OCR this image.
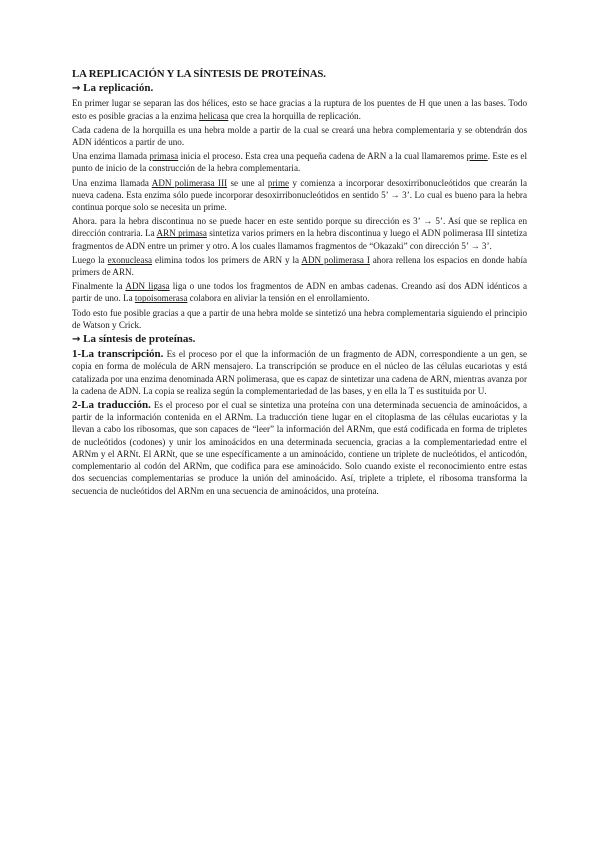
LA REPLICACIÓN Y LA SÍNTESIS DE PROTEÍNAS.
→ La replicación.

En primer lugar se separan las dos hélices, esto se hace gracias a la ruptura de los puentes de H que unen a las bases. Todo esto es posible gracias a la enzima helicasa que crea la horquilla de replicación.

Cada cadena de la horquilla es una hebra molde a partir de la cual se creará una hebra complementaria y se obtendrán dos ADN idénticos a partir de uno.

Una enzima llamada primasa inicia el proceso. Esta crea una pequeña cadena de ARN a la cual llamaremos prime. Este es el punto de inicio de la construcción de la hebra complementaria.

Una enzima llamada ADN polimerasa III se une al prime y comienza a incorporar desoxirribonucleótidos que crearán la nueva cadena. Esta enzima sólo puede incorporar desoxirribonucleótidos en sentido 5’ → 3’. Lo cual es bueno para la hebra continua porque solo se necesita un prime.

Ahora. para la hebra discontinua no se puede hacer en este sentido porque su dirección es 3’ → 5’. Así que se replica en dirección contraria. La ARN primasa sintetiza varios primers en la hebra discontinua y luego el ADN polimerasa III sintetiza fragmentos de ADN entre un primer y otro. A los cuales llamamos fragmentos de “Okazaki” con dirección 5’ → 3’.

Luego la exonucleasa elimina todos los primers de ARN y la ADN polimerasa I ahora rellena los espacios en donde había primers de ARN.

Finalmente la ADN ligasa liga o une todos los fragmentos de ADN en ambas cadenas. Creando así dos ADN idénticos a partir de uno. La topoisomerasa colabora en aliviar la tensión en el enrollamiento.

Todo esto fue posible gracias a que a partir de una hebra molde se sintetizó una hebra complementaria siguiendo el principio de Watson y Crick.

→ La síntesis de proteínas.

1-La transcripción. Es el proceso por el que la información de un fragmento de ADN, correspondiente a un gen, se copia en forma de molécula de ARN mensajero. La transcripción se produce en el núcleo de las células eucariotas y está catalizada por una enzima denominada ARN polimerasa, que es capaz de sintetizar una cadena de ARN, mientras avanza por la cadena de ADN. La copia se realiza según la complementariedad de las bases, y en ella la T es sustituida por U.

2-La traducción. Es el proceso por el cual se sintetiza una proteína con una determinada secuencia de aminoácidos, a partir de la información contenida en el ARNm. La traducción tiene lugar en el citoplasma de las células eucariotas y la llevan a cabo los ribosomas, que son capaces de “leer” la información del ARNm, que está codificada en forma de tripletes de nucleótidos (codones) y unir los aminoácidos en una determinada secuencia, gracias a la complementariedad entre el ARNm y el ARNt. El ARNt, que se une específicamente a un aminoácido, contiene un triplete de nucleótidos, el anticodón, complementario al codón del ARNm, que codifica para ese aminoácido. Solo cuando existe el reconocimiento entre estas dos secuencias complementarias se produce la unión del aminoácido. Así, triplete a triplete, el ribosoma transforma la secuencia de nucleótidos del ARNm en una secuencia de aminoácidos, una proteína.
